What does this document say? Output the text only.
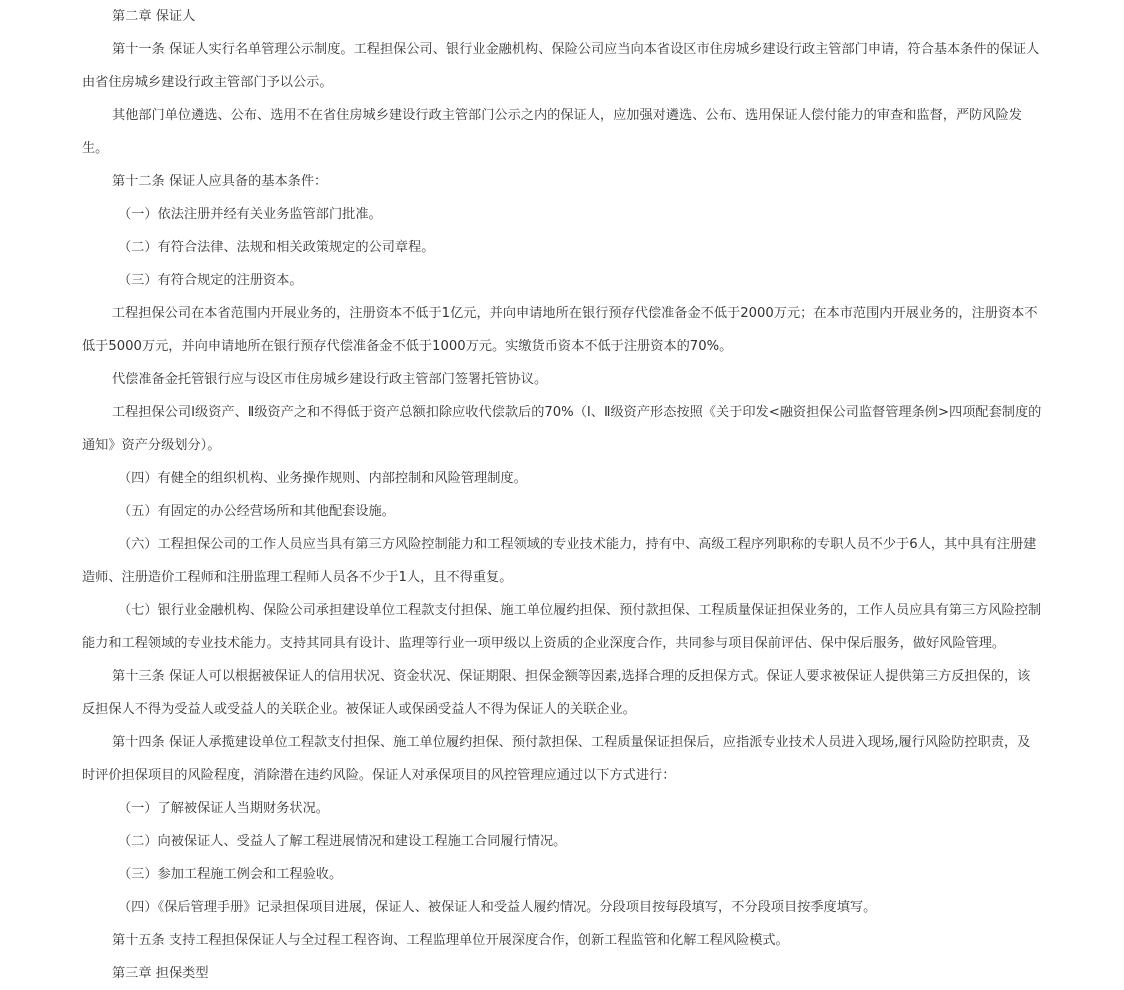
第二章 保证人

第十一条 保证人实行名单管理公示制度。工程担保公司、银行业金融机构、保险公司应当向本省设区市住房城乡建设行政主管部门申请，符合基本条件的保证人由省住房城乡建设行政主管部门予以公示。

其他部门单位遴选、公布、选用不在省住房城乡建设行政主管部门公示之内的保证人，应加强对遴选、公布、选用保证人偿付能力的审查和监督，严防风险发生。

第十二条 保证人应具备的基本条件：

（一）依法注册并经有关业务监管部门批准。

（二）有符合法律、法规和相关政策规定的公司章程。

（三）有符合规定的注册资本。

工程担保公司在本省范围内开展业务的，注册资本不低于1亿元，并向申请地所在银行预存代偿准备金不低于2000万元；在本市范围内开展业务的，注册资本不低于5000万元，并向申请地所在银行预存代偿准备金不低于1000万元。实缴货币资本不低于注册资本的70%。

代偿准备金托管银行应与设区市住房城乡建设行政主管部门签署托管协议。

工程担保公司Ⅰ级资产、Ⅱ级资产之和不得低于资产总额扣除应收代偿款后的70%（Ⅰ、Ⅱ级资产形态按照《关于印发<融资担保公司监督管理条例>四项配套制度的通知》资产分级划分）。

（四）有健全的组织机构、业务操作规则、内部控制和风险管理制度。

（五）有固定的办公经营场所和其他配套设施。

（六）工程担保公司的工作人员应当具有第三方风险控制能力和工程领域的专业技术能力，持有中、高级工程序列职称的专职人员不少于6人，其中具有注册建造师、注册造价工程师和注册监理工程师人员各不少于1人，且不得重复。

（七）银行业金融机构、保险公司承担建设单位工程款支付担保、施工单位履约担保、预付款担保、工程质量保证担保业务的，工作人员应具有第三方风险控制能力和工程领域的专业技术能力。支持其同具有设计、监理等行业一项甲级以上资质的企业深度合作，共同参与项目保前评估、保中保后服务，做好风险管理。

第十三条 保证人可以根据被保证人的信用状况、资金状况、保证期限、担保金额等因素,选择合理的反担保方式。保证人要求被保证人提供第三方反担保的，该反担保人不得为受益人或受益人的关联企业。被保证人或保函受益人不得为保证人的关联企业。

第十四条 保证人承揽建设单位工程款支付担保、施工单位履约担保、预付款担保、工程质量保证担保后，应指派专业技术人员进入现场,履行风险防控职责，及时评价担保项目的风险程度，消除潜在违约风险。保证人对承保项目的风控管理应通过以下方式进行：

（一）了解被保证人当期财务状况。

（二）向被保证人、受益人了解工程进展情况和建设工程施工合同履行情况。

（三）参加工程施工例会和工程验收。

（四）《保后管理手册》记录担保项目进展，保证人、被保证人和受益人履约情况。分段项目按每段填写，不分段项目按季度填写。

第十五条 支持工程担保保证人与全过程工程咨询、工程监理单位开展深度合作，创新工程监管和化解工程风险模式。

第三章 担保类型
